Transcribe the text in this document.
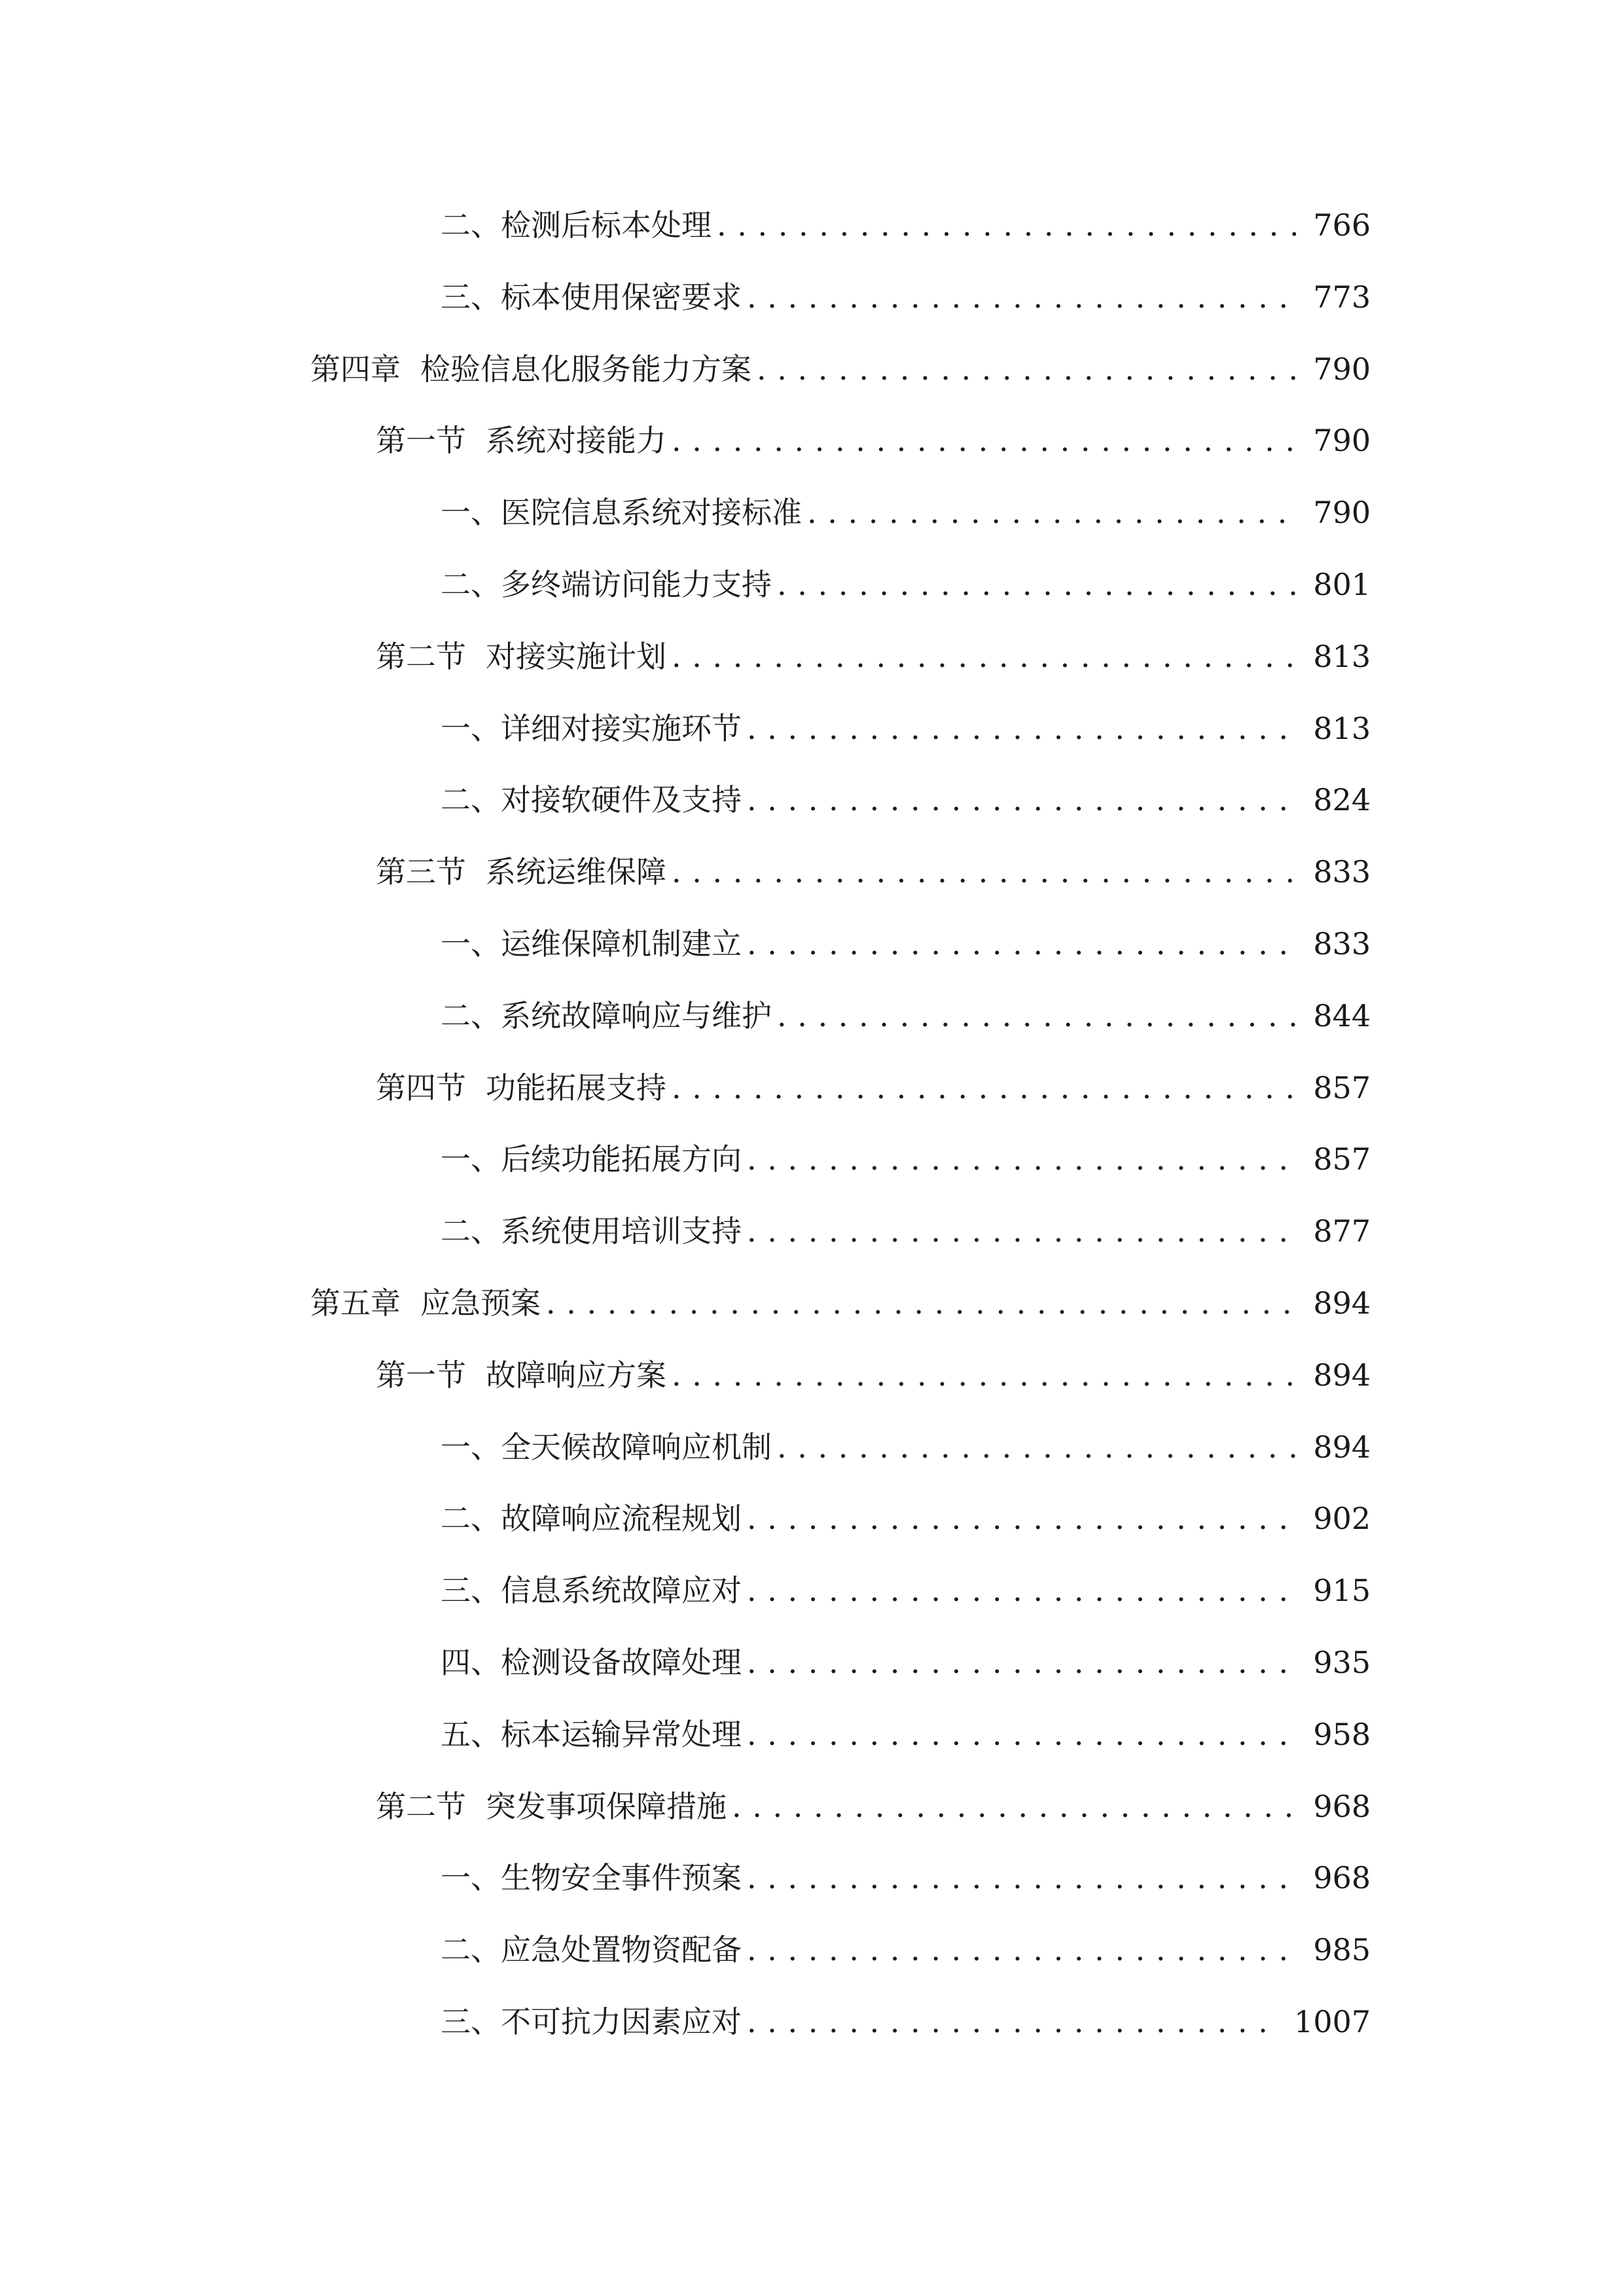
二、 检测后标本处理 . . .	766
三、 标本使用保密要求 . . .	773
第四章 检验信息化服务能力方案 . . .	790
第一节 系统对接能力 . . .	790
一、 医院信息系统对接标准 . . .	790
二、 多终端访问能力支持 . . .	801
第二节 对接实施计划 . . .	813
一、 详细对接实施环节 . . .	813
二、 对接软硬件及支持 . . .	824
第三节 系统运维保障 . . .	833
一、 运维保障机制建立 . . .	833
二、 系统故障响应与维护 . . .	844
第四节 功能拓展支持 . . .	857
一、 后续功能拓展方向 . . .	857
二、 系统使用培训支持 . . .	877
第五章 应急预案 . . .	894
第一节 故障响应方案 . . .	894
一、 全天候故障响应机制 . . .	894
二、 故障响应流程规划 . . .	902
三、 信息系统故障应对 . . .	915
四、 检测设备故障处理 . . .	935
五、 标本运输异常处理 . . .	958
第二节 突发事项保障措施 . . .	968
一、 生物安全事件预案 . . .	968
二、 应急处置物资配备 . . .	985
三、 不可抗力因素应对 . . .	1007
